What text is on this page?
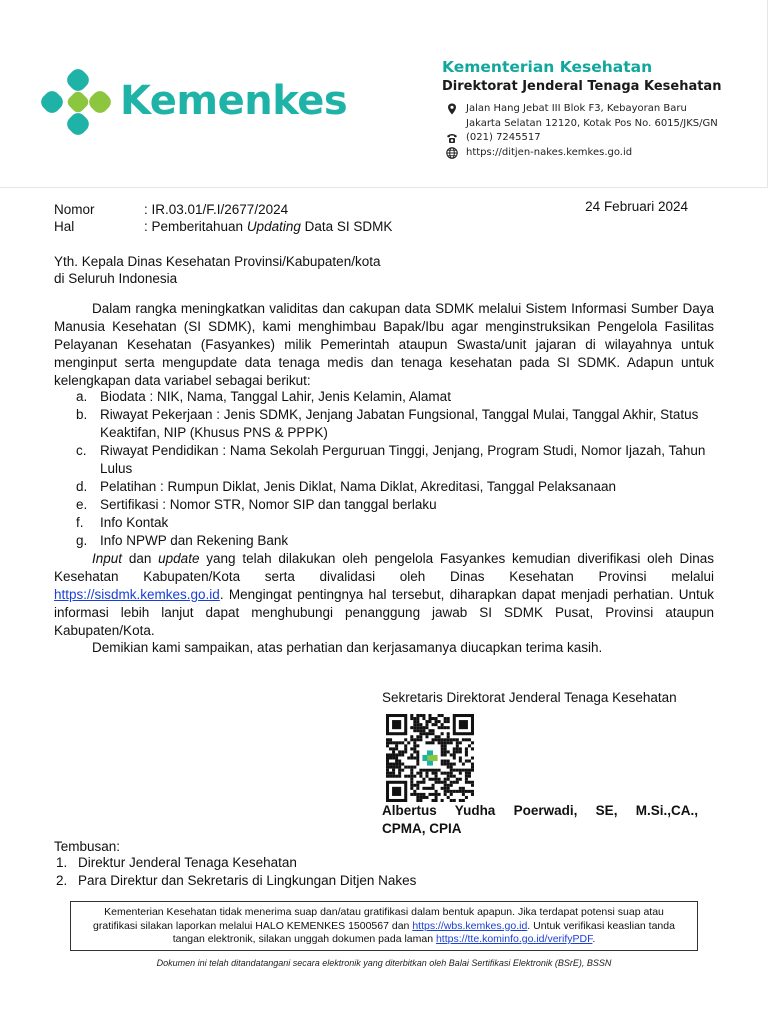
Kemenkes
Kementerian Kesehatan
Direktorat Jenderal Tenaga Kesehatan
Jalan Hang Jebat III Blok F3, Kebayoran Baru
Jakarta Selatan 12120, Kotak Pos No. 6015/JKS/GN
(021) 7245517
https://ditjen-nakes.kemkes.go.id
Nomor	: IR.03.01/F.I/2677/2024
Hal	: Pemberitahuan Updating Data SI SDMK
24 Februari 2024
Yth. Kepala Dinas Kesehatan Provinsi/Kabupaten/kota
di Seluruh Indonesia

Dalam rangka meningkatkan validitas dan cakupan data SDMK melalui Sistem Informasi Sumber Daya Manusia Kesehatan (SI SDMK), kami menghimbau Bapak/Ibu agar menginstruksikan Pengelola Fasilitas Pelayanan Kesehatan (Fasyankes) milik Pemerintah ataupun Swasta/unit jajaran di wilayahnya untuk menginput serta mengupdate data tenaga medis dan tenaga kesehatan pada SI SDMK. Adapun untuk kelengkapan data variabel sebagai berikut:

a. Biodata : NIK, Nama, Tanggal Lahir, Jenis Kelamin, Alamat
b. Riwayat Pekerjaan : Jenis SDMK, Jenjang Jabatan Fungsional, Tanggal Mulai, Tanggal Akhir, Status Keaktifan, NIP (Khusus PNS & PPPK)
c. Riwayat Pendidikan : Nama Sekolah Perguruan Tinggi, Jenjang, Program Studi, Nomor Ijazah, Tahun Lulus
d. Pelatihan : Rumpun Diklat, Jenis Diklat, Nama Diklat, Akreditasi, Tanggal Pelaksanaan
e. Sertifikasi : Nomor STR, Nomor SIP dan tanggal berlaku
f. Info Kontak
g. Info NPWP dan Rekening Bank

Input dan update yang telah dilakukan oleh pengelola Fasyankes kemudian diverifikasi oleh Dinas Kesehatan Kabupaten/Kota serta divalidasi oleh Dinas Kesehatan Provinsi melalui https://sisdmk.kemkes.go.id. Mengingat pentingnya hal tersebut, diharapkan dapat menjadi perhatian. Untuk informasi lebih lanjut dapat menghubungi penanggung jawab SI SDMK Pusat, Provinsi ataupun Kabupaten/Kota.

Demikian kami sampaikan, atas perhatian dan kerjasamanya diucapkan terima kasih.

Sekretaris Direktorat Jenderal Tenaga Kesehatan
Albertus Yudha Poerwadi, SE, M.Si.,CA.,
CPMA, CPIA
Tembusan:
1. Direktur Jenderal Tenaga Kesehatan
2. Para Direktur dan Sekretaris di Lingkungan Ditjen Nakes
Kementerian Kesehatan tidak menerima suap dan/atau gratifikasi dalam bentuk apapun. Jika terdapat potensi suap atau gratifikasi silakan laporkan melalui HALO KEMENKES 1500567 dan https://wbs.kemkes.go.id. Untuk verifikasi keaslian tanda tangan elektronik, silakan unggah dokumen pada laman https://tte.kominfo.go.id/verifyPDF.
Dokumen ini telah ditandatangani secara elektronik yang diterbitkan oleh Balai Sertifikasi Elektronik (BSrE), BSSN
